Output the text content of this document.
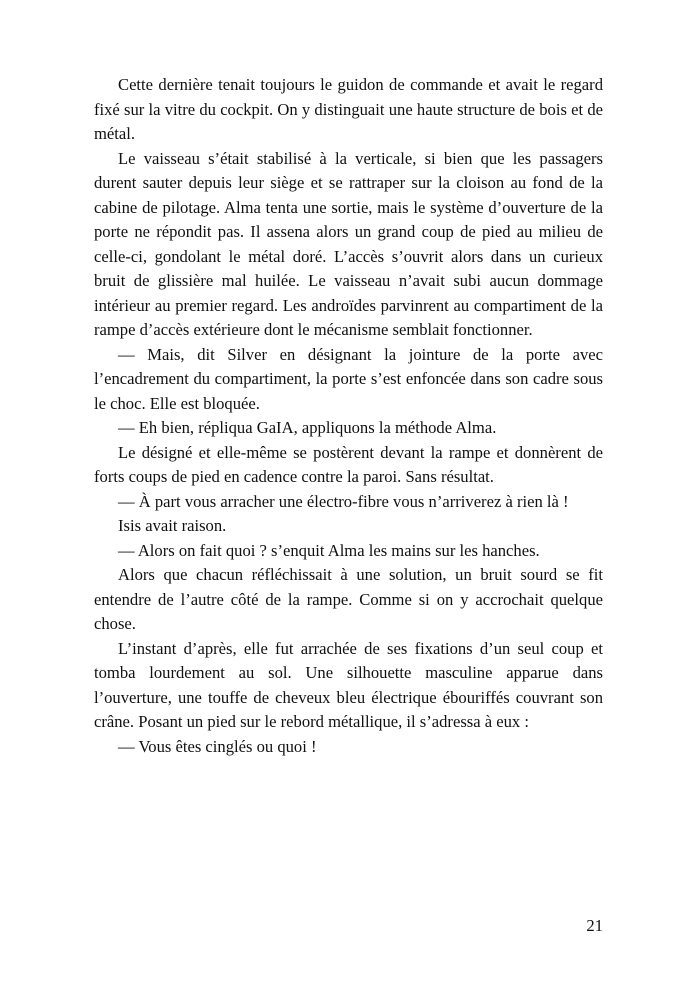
Cette dernière tenait toujours le guidon de commande et avait le regard fixé sur la vitre du cockpit. On y distinguait une haute structure de bois et de métal.

Le vaisseau s’était stabilisé à la verticale, si bien que les passagers durent sauter depuis leur siège et se rattraper sur la cloison au fond de la cabine de pilotage. Alma tenta une sortie, mais le système d’ouverture de la porte ne répondit pas. Il assena alors un grand coup de pied au milieu de celle-ci, gondolant le métal doré. L’accès s’ouvrit alors dans un curieux bruit de glissière mal huilée. Le vaisseau n’avait subi aucun dommage intérieur au premier regard. Les androïdes parvinrent au compartiment de la rampe d’accès extérieure dont le mécanisme semblait fonctionner.

— Mais, dit Silver en désignant la jointure de la porte avec l’encadrement du compartiment, la porte s’est enfoncée dans son cadre sous le choc. Elle est bloquée.

— Eh bien, répliqua GaIA, appliquons la méthode Alma.

Le désigné et elle-même se postèrent devant la rampe et donnèrent de forts coups de pied en cadence contre la paroi. Sans résultat.

— À part vous arracher une électro-fibre vous n’arriverez à rien là !

Isis avait raison.

— Alors on fait quoi ? s’enquit Alma les mains sur les hanches.

Alors que chacun réfléchissait à une solution, un bruit sourd se fit entendre de l’autre côté de la rampe. Comme si on y accrochait quelque chose.

L’instant d’après, elle fut arrachée de ses fixations d’un seul coup et tomba lourdement au sol. Une silhouette masculine apparue dans l’ouverture, une touffe de cheveux bleu électrique ébouriffés couvrant son crâne. Posant un pied sur le rebord métallique, il s’adressa à eux :

— Vous êtes cinglés ou quoi !

21
